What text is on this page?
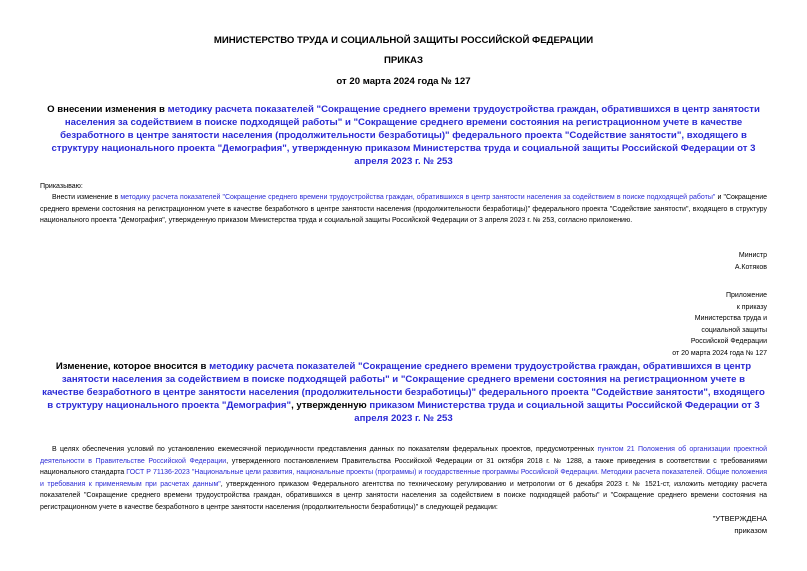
МИНИСТЕРСТВО ТРУДА И СОЦИАЛЬНОЙ ЗАЩИТЫ РОССИЙСКОЙ ФЕДЕРАЦИИ
ПРИКАЗ
от 20 марта 2024 года № 127
О внесении изменения в методику расчета показателей "Сокращение среднего времени трудоустройства граждан, обратившихся в центр занятости населения за содействием в поиске подходящей работы" и "Сокращение среднего времени состояния на регистрационном учете в качестве безработного в центре занятости населения (продолжительности безработицы)" федерального проекта "Содействие занятости", входящего в структуру национального проекта "Демография", утвержденную приказом Министерства труда и социальной защиты Российской Федерации от 3 апреля 2023 г. № 253
Приказываю:
Внести изменение в методику расчета показателей "Сокращение среднего времени трудоустройства граждан, обратившихся в центр занятости населения за содействием в поиске подходящей работы" и "Сокращение среднего времени состояния на регистрационном учете в качестве безработного в центре занятости населения (продолжительности безработицы)" федерального проекта "Содействие занятости", входящего в структуру национального проекта "Демография", утвержденную приказом Министерства труда и социальной защиты Российской Федерации от 3 апреля 2023 г. № 253, согласно приложению.
Министр
А.Котяков
Приложение
к приказу
Министерства труда и
социальной защиты
Российской Федерации
от 20 марта 2024 года № 127
Изменение, которое вносится в методику расчета показателей "Сокращение среднего времени трудоустройства граждан, обратившихся в центр занятости населения за содействием в поиске подходящей работы" и "Сокращение среднего времени состояния на регистрационном учете в качестве безработного в центре занятости населения (продолжительности безработицы)" федерального проекта "Содействие занятости", входящего в структуру национального проекта "Демография", утвержденную приказом Министерства труда и социальной защиты Российской Федерации от 3 апреля 2023 г. № 253
В целях обеспечения условий по установлению ежемесячной периодичности представления данных по показателям федеральных проектов, предусмотренных пунктом 21 Положения об организации проектной деятельности в Правительстве Российской Федерации, утвержденного постановлением Правительства Российской Федерации от 31 октября 2018 г. № 1288, а также приведения в соответствии с требованиями национального стандарта ГОСТ Р 71136-2023 "Национальные цели развития, национальные проекты (программы) и государственные программы Российской Федерации. Методики расчета показателей. Общие положения и требования к применяемым при расчетах данным", утвержденного приказом Федерального агентства по техническому регулированию и метрологии от 6 декабря 2023 г. № 1521-ст, изложить методику расчета показателей "Сокращение среднего времени трудоустройства граждан, обратившихся в центр занятости населения за содействием в поиске подходящей работы" и "Сокращение среднего времени состояния на регистрационном учете в качестве безработного в центре занятости населения (продолжительности безработицы)" в следующей редакции:
"УТВЕРЖДЕНА
приказом
